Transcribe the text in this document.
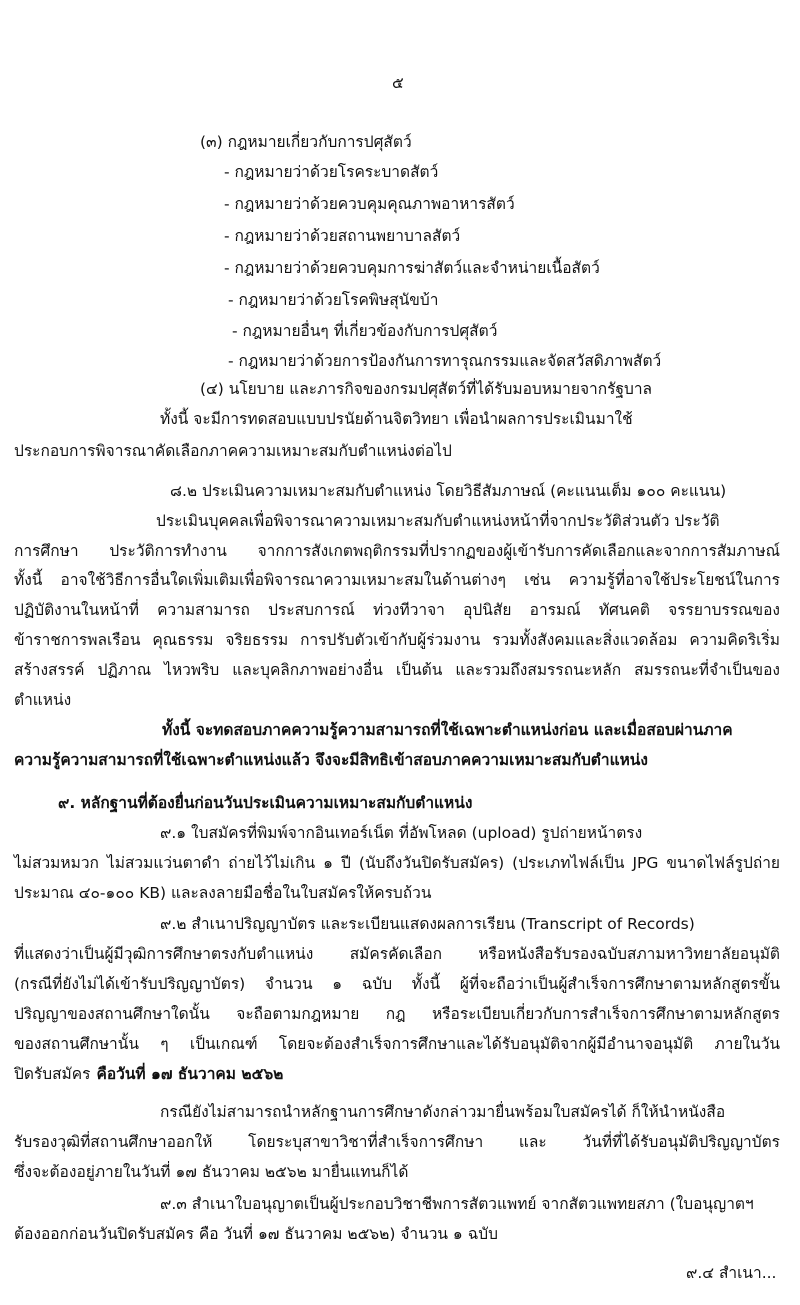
๕
(๓) กฎหมายเกี่ยวกับการปศุสัตว์
- กฎหมายว่าด้วยโรคระบาดสัตว์
- กฎหมายว่าด้วยควบคุมคุณภาพอาหารสัตว์
- กฎหมายว่าด้วยสถานพยาบาลสัตว์
- กฎหมายว่าด้วยควบคุมการฆ่าสัตว์และจำหน่ายเนื้อสัตว์
- กฎหมายว่าด้วยโรคพิษสุนัขบ้า
- กฎหมายอื่นๆ ที่เกี่ยวข้องกับการปศุสัตว์
- กฎหมายว่าด้วยการป้องกันการทารุณกรรมและจัดสวัสดิภาพสัตว์
(๔) นโยบาย และภารกิจของกรมปศุสัตว์ที่ได้รับมอบหมายจากรัฐบาล
ทั้งนี้ จะมีการทดสอบแบบปรนัยด้านจิตวิทยา เพื่อนำผลการประเมินมาใช้
ประกอบการพิจารณาคัดเลือกภาคความเหมาะสมกับตำแหน่งต่อไป
๘.๒ ประเมินความเหมาะสมกับตำแหน่ง โดยวิธีสัมภาษณ์ (คะแนนเต็ม ๑๐๐ คะแนน)
ประเมินบุคคลเพื่อพิจารณาความเหมาะสมกับตำแหน่งหน้าที่จากประวัติส่วนตัว ประวัติ
การศึกษา ประวัติการทำงาน จากการสังเกตพฤติกรรมที่ปรากฏของผู้เข้ารับการคัดเลือกและจากการสัมภาษณ์
ทั้งนี้ อาจใช้วิธีการอื่นใดเพิ่มเติมเพื่อพิจารณาความเหมาะสมในด้านต่างๆ เช่น ความรู้ที่อาจใช้ประโยชน์ในการ
ปฏิบัติงานในหน้าที่ ความสามารถ ประสบการณ์ ท่วงทีวาจา อุปนิสัย อารมณ์ ทัศนคติ จรรยาบรรณของ
ข้าราชการพลเรือน คุณธรรม จริยธรรม การปรับตัวเข้ากับผู้ร่วมงาน รวมทั้งสังคมและสิ่งแวดล้อม ความคิดริเริ่ม
สร้างสรรค์ ปฏิภาณ ไหวพริบ และบุคลิกภาพอย่างอื่น เป็นต้น และรวมถึงสมรรถนะหลัก สมรรถนะที่จำเป็นของ
ตำแหน่ง
ทั้งนี้ จะทดสอบภาคความรู้ความสามารถที่ใช้เฉพาะตำแหน่งก่อน และเมื่อสอบผ่านภาค
ความรู้ความสามารถที่ใช้เฉพาะตำแหน่งแล้ว จึงจะมีสิทธิเข้าสอบภาคความเหมาะสมกับตำแหน่ง
๙. หลักฐานที่ต้องยื่นก่อนวันประเมินความเหมาะสมกับตำแหน่ง
๙.๑ ใบสมัครที่พิมพ์จากอินเทอร์เน็ต ที่อัพโหลด (upload) รูปถ่ายหน้าตรง
ไม่สวมหมวก ไม่สวมแว่นตาดำ ถ่ายไว้ไม่เกิน ๑ ปี (นับถึงวันปิดรับสมัคร) (ประเภทไฟล์เป็น JPG ขนาดไฟล์รูปถ่าย
ประมาณ ๔๐-๑๐๐ KB) และลงลายมือชื่อในใบสมัครให้ครบถ้วน
๙.๒ สำเนาปริญญาบัตร และระเบียนแสดงผลการเรียน (Transcript of Records)
ที่แสดงว่าเป็นผู้มีวุฒิการศึกษาตรงกับตำแหน่ง สมัครคัดเลือก หรือหนังสือรับรองฉบับสภามหาวิทยาลัยอนุมัติ
(กรณีที่ยังไม่ได้เข้ารับปริญญาบัตร) จำนวน ๑ ฉบับ ทั้งนี้ ผู้ที่จะถือว่าเป็นผู้สำเร็จการศึกษาตามหลักสูตรขั้น
ปริญญาของสถานศึกษาใดนั้น จะถือตามกฎหมาย กฎ หรือระเบียบเกี่ยวกับการสำเร็จการศึกษาตามหลักสูตร
ของสถานศึกษานั้น ๆ เป็นเกณฑ์ โดยจะต้องสำเร็จการศึกษาและได้รับอนุมัติจากผู้มีอำนาจอนุมัติ ภายในวัน
ปิดรับสมัคร คือวันที่ ๑๗ ธันวาคม ๒๕๖๒
กรณียังไม่สามารถนำหลักฐานการศึกษาดังกล่าวมายื่นพร้อมใบสมัครได้ ก็ให้นำหนังสือ
รับรองวุฒิที่สถานศึกษาออกให้ โดยระบุสาขาวิชาที่สำเร็จการศึกษา และ วันที่ที่ได้รับอนุมัติปริญญาบัตร
ซึ่งจะต้องอยู่ภายในวันที่ ๑๗ ธันวาคม ๒๕๖๒ มายื่นแทนก็ได้
๙.๓ สำเนาใบอนุญาตเป็นผู้ประกอบวิชาชีพการสัตวแพทย์ จากสัตวแพทยสภา (ใบอนุญาตฯ
ต้องออกก่อนวันปิดรับสมัคร คือ วันที่ ๑๗ ธันวาคม ๒๕๖๒) จำนวน ๑ ฉบับ
๙.๔ สำเนา...
